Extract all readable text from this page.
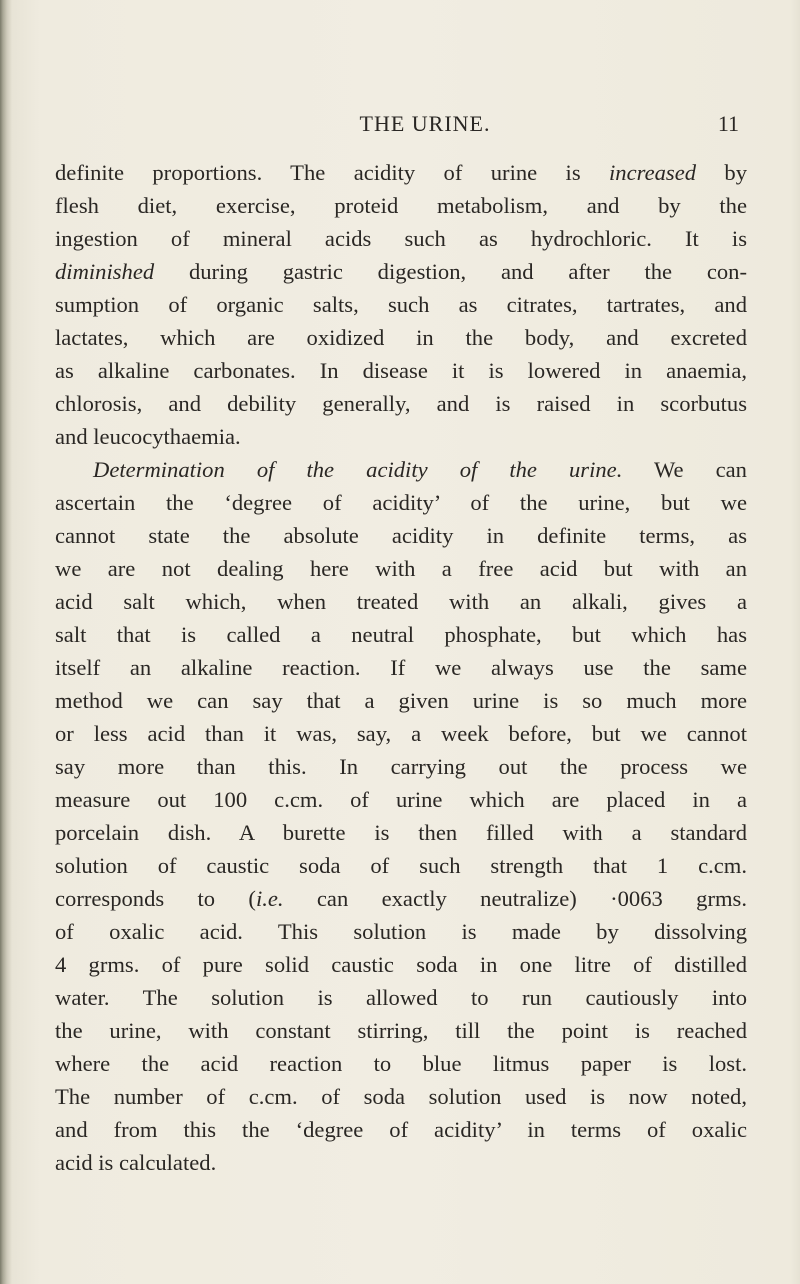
THE URINE.	11
definite proportions. The acidity of urine is increased by
flesh diet, exercise, proteid metabolism, and by the
ingestion of mineral acids such as hydrochloric. It is
diminished during gastric digestion, and after the con-
sumption of organic salts, such as citrates, tartrates, and
lactates, which are oxidized in the body, and excreted
as alkaline carbonates. In disease it is lowered in anaemia,
chlorosis, and debility generally, and is raised in scorbutus
and leucocythaemia.
Determination of the acidity of the urine. We can
ascertain the ‘degree of acidity’ of the urine, but we
cannot state the absolute acidity in definite terms, as
we are not dealing here with a free acid but with an
acid salt which, when treated with an alkali, gives a
salt that is called a neutral phosphate, but which has
itself an alkaline reaction. If we always use the same
method we can say that a given urine is so much more
or less acid than it was, say, a week before, but we cannot
say more than this. In carrying out the process we
measure out 100 c.cm. of urine which are placed in a
porcelain dish. A burette is then filled with a standard
solution of caustic soda of such strength that 1 c.cm.
corresponds to (i.e. can exactly neutralize) ·0063 grms.
of oxalic acid. This solution is made by dissolving
4 grms. of pure solid caustic soda in one litre of distilled
water. The solution is allowed to run cautiously into
the urine, with constant stirring, till the point is reached
where the acid reaction to blue litmus paper is lost.
The number of c.cm. of soda solution used is now noted,
and from this the ‘degree of acidity’ in terms of oxalic
acid is calculated.
